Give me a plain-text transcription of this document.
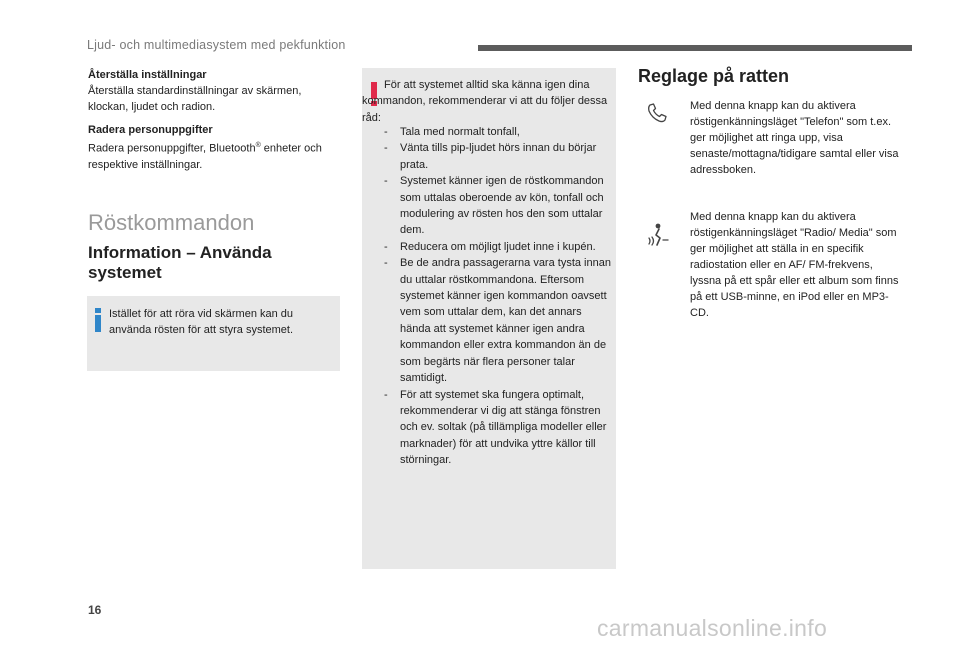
Ljud- och multimediasystem med pekfunktion

Återställa inställningar

Återställa standardinställningar av skärmen, klockan, ljudet och radion.

Radera personuppgifter

Radera personuppgifter, Bluetooth® enheter och respektive inställningar.

Röstkommandon
Information – Använda systemet

Istället för att röra vid skärmen kan du använda rösten för att styra systemet.

För att systemet alltid ska känna igen dina
kommandon, rekommenderar vi att du följer dessa råd:

- Tala med normalt tonfall,
- Vänta tills pip-ljudet hörs innan du börjar prata.
- Systemet känner igen de röstkommandon som uttalas oberoende av kön, tonfall och modulering av rösten hos den som uttalar dem.
- Reducera om möjligt ljudet inne i kupén.
- Be de andra passagerarna vara tysta innan du uttalar röstkommandona. Eftersom systemet känner igen kommandon oavsett vem som uttalar dem, kan det annars hända att systemet känner igen andra kommandon eller extra kommandon än de som begärts när flera personer talar samtidigt.
- För att systemet ska fungera optimalt, rekommenderar vi dig att stänga fönstren och ev. soltak (på tillämpliga modeller eller marknader) för att undvika yttre källor till störningar.
Reglage på ratten

Med denna knapp kan du aktivera röstigenkänningsläget "Telefon" som t.ex. ger möjlighet att ringa upp, visa senaste/mottagna/tidigare samtal eller visa adressboken.

Med denna knapp kan du aktivera röstigenkänningsläget "Radio/ Media" som ger möjlighet att ställa in en specifik radiostation eller en AF/ FM-frekvens, lyssna på ett spår eller ett album som finns på ett USB-minne, en iPod eller en MP3-CD.

16
carmanualsonline.info
